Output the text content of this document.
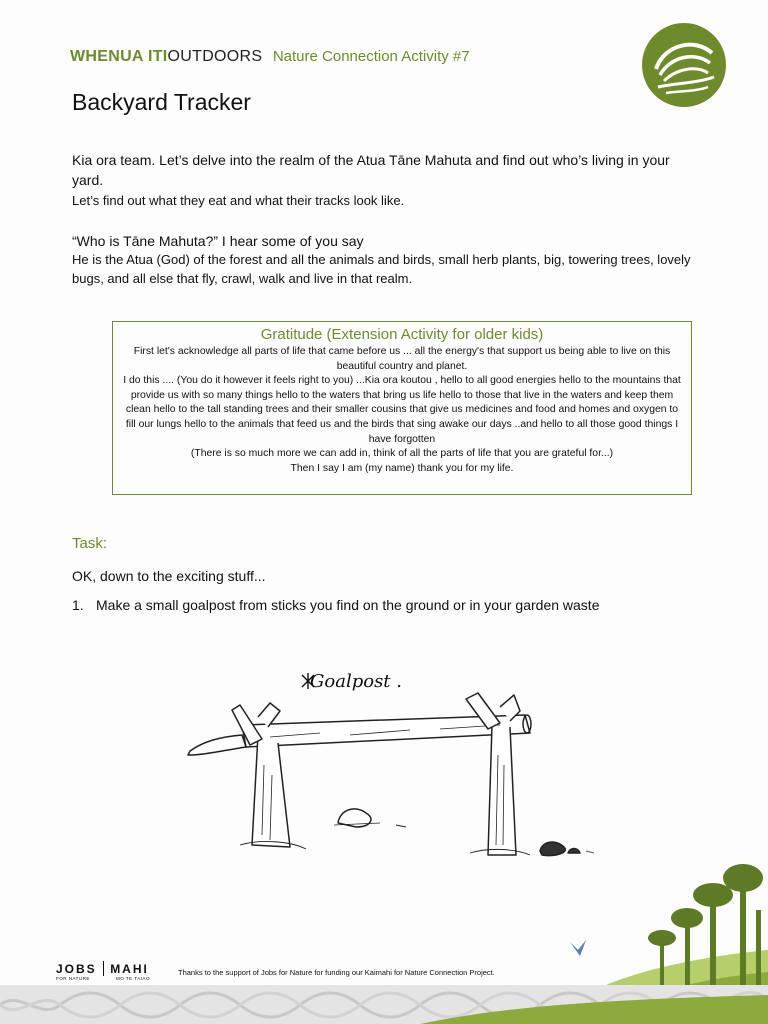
WHENUA ITIOUTDOORS Nature Connection Activity #7
Backyard Tracker

Kia ora team. Let’s delve into the realm of the Atua Tāne Mahuta and find out who’s living in your yard.

Let’s find out what they eat and what their tracks look like.

“Who is Tāne Mahuta?” I hear some of you say

He is the Atua (God) of the forest and all the animals and birds, small herb plants, big, towering trees, lovely bugs, and all else that fly, crawl, walk and live in that realm.

Gratitude (Extension Activity for older kids)

First let's acknowledge all parts of life that came before us ... all the energy's that support us being able to live on this beautiful country and planet.

I do this .... (You do it however it feels right to you) ...Kia ora koutou , hello to all good energies hello to the mountains that provide us with so many things hello to the waters that bring us life hello to those that live in the waters and keep them clean hello to the tall standing trees and their smaller cousins that give us medicines and food and homes and oxygen to fill our lungs hello to the animals that feed us and the birds that sing awake our days ..and hello to all those good things I have forgotten

(There is so much more we can add in, think of all the parts of life that you are grateful for...)

Then I say I am (my name) thank you for my life.

Task:

OK, down to the exciting stuff...

1. Make a small goalpost from sticks you find on the ground or in your garden waste

Goalpost .
JOBS MAHI
FOR NATURE	MO TE TAIAO

Thanks to the support of Jobs for Nature for funding our Kaimahi for Nature Connection Project.
